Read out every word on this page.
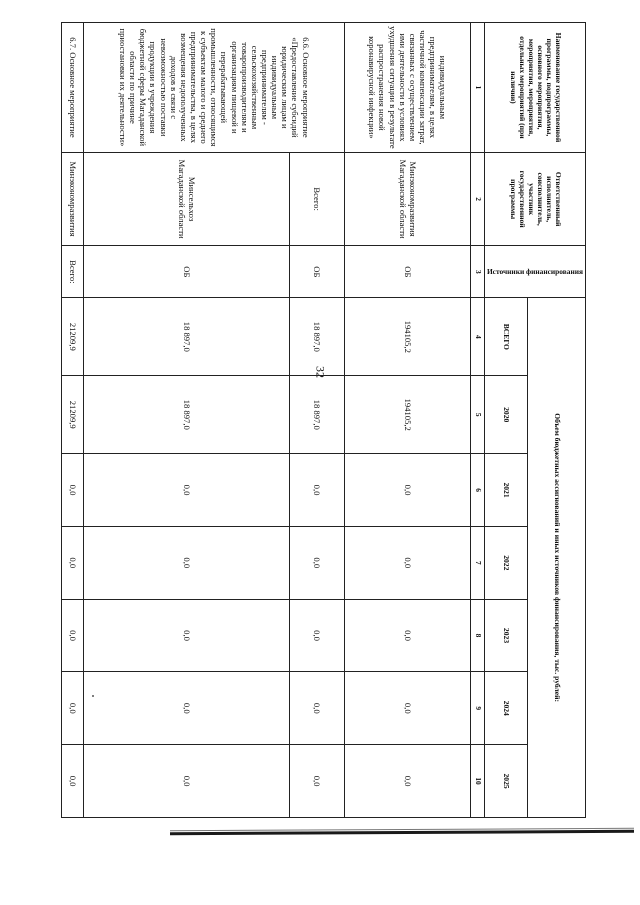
32
Наименование государственной программы, подпрограммы, основного мероприятия, мероприятия, мероприятия, отдельных мероприятий (при наличии)	Ответственный исполнитель, соисполнитель, участник государственной программы	Источники финансирования	Объем бюджетных ассигнований и иных источников финансирования, тыс. рублей:						
			ВСЕГО	2020	2021	2022	2023	2024	2025
1	2	3	4	5	6	7	8	9	10
индивидуальным предпринимателям, в целях частичной компенсации затрат, связанных с осуществлением ими деятельности в условиях ухудшения ситуации в результате распространения новой коронавирусной инфекции»	Минэкономразвития Магаданской области	ОБ	194105,2	194105,2	0,0	0,0	0,0	0,0	0,0
6.6. Основное мероприятие «Предоставление субсидий юридическим лицам и индивидуальным предпринимателям - сельскохозяйственным товаропроизводителям и организациям пищевой и перерабатывающей промышленности, относящимся к субъектам малого и среднего предпринимательства, в целях возмещения недополученных доходов в связи с невозможностью поставки продукции в учреждения бюджетной сферы Магаданской области по причине приостановки их деятельности»	Всего:	ОБ	18 897,0	18 897,0	0,0	0,0	0,0	0,0	0,0
	Минсельхоз Магаданской области	ОБ	18 897,0	18 897,0	0,0	0,0	0,0	0,0	0,0
6.7. Основное мероприятие	Минэкономразвития	Всего:	21209,9	21209,9	0,0	0,0	0,0	0,0	0,0
